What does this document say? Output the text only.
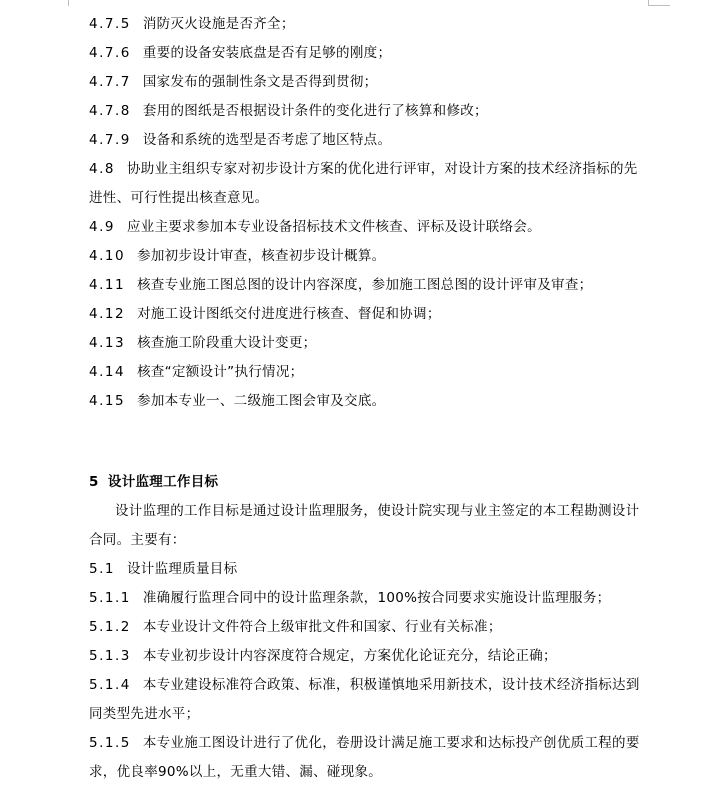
4.7.5 消防灭火设施是否齐全；
4.7.6 重要的设备安装底盘是否有足够的刚度；
4.7.7 国家发布的强制性条文是否得到贯彻；
4.7.8 套用的图纸是否根据设计条件的变化进行了核算和修改；
4.7.9 设备和系统的选型是否考虑了地区特点。
4.8 协助业主组织专家对初步设计方案的优化进行评审，对设计方案的技术经济指标的先
进性、可行性提出核查意见。
4.9 应业主要求参加本专业设备招标技术文件核查、评标及设计联络会。
4.10 参加初步设计审查，核查初步设计概算。
4.11 核查专业施工图总图的设计内容深度，参加施工图总图的设计评审及审查；
4.12 对施工设计图纸交付进度进行核查、督促和协调；
4.13 核查施工阶段重大设计变更；
4.14 核查“定额设计”执行情况；
4.15 参加本专业一、二级施工图会审及交底。
5 设计监理工作目标
设计监理的工作目标是通过设计监理服务，使设计院实现与业主签定的本工程勘测设计
合同。主要有：
5.1 设计监理质量目标
5.1.1 准确履行监理合同中的设计监理条款，100%按合同要求实施设计监理服务；
5.1.2 本专业设计文件符合上级审批文件和国家、行业有关标准；
5.1.3 本专业初步设计内容深度符合规定，方案优化论证充分，结论正确；
5.1.4 本专业建设标准符合政策、标准，积极谨慎地采用新技术，设计技术经济指标达到
同类型先进水平；
5.1.5 本专业施工图设计进行了优化，卷册设计满足施工要求和达标投产创优质工程的要
求，优良率90%以上，无重大错、漏、碰现象。
